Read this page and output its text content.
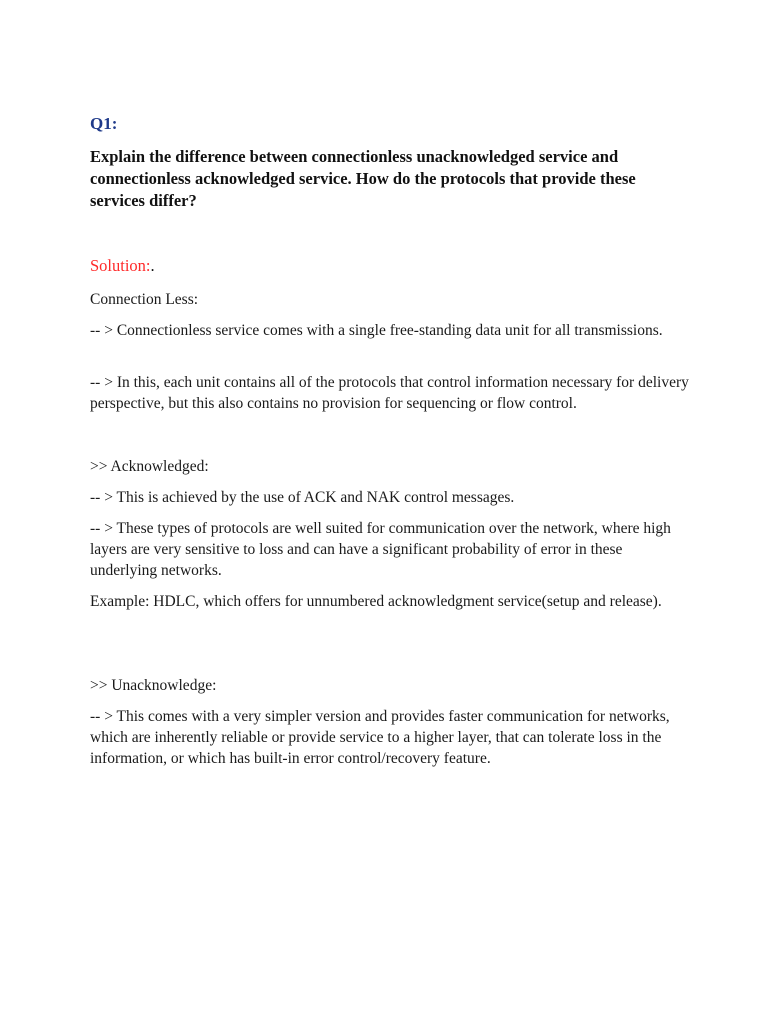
Q1:
Explain the difference between connectionless unacknowledged service and connectionless acknowledged service. How do the protocols that provide these services differ?
Solution:.
Connection Less:
-- > Connectionless service comes with a single free-standing data unit for all transmissions.
-- > In this, each unit contains all of the protocols that control information necessary for delivery perspective, but this also contains no provision for sequencing or flow control.
>> Acknowledged:
-- > This is achieved by the use of ACK and NAK control messages.
-- > These types of protocols are well suited for communication over the network, where high layers are very sensitive to loss and can have a significant probability of error in these underlying networks.
Example: HDLC, which offers for unnumbered acknowledgment service(setup and release).
>> Unacknowledge:
-- > This comes with a very simpler version and provides faster communication for networks, which are inherently reliable or provide service to a higher layer, that can tolerate loss in the information, or which has built-in error control/recovery feature.
